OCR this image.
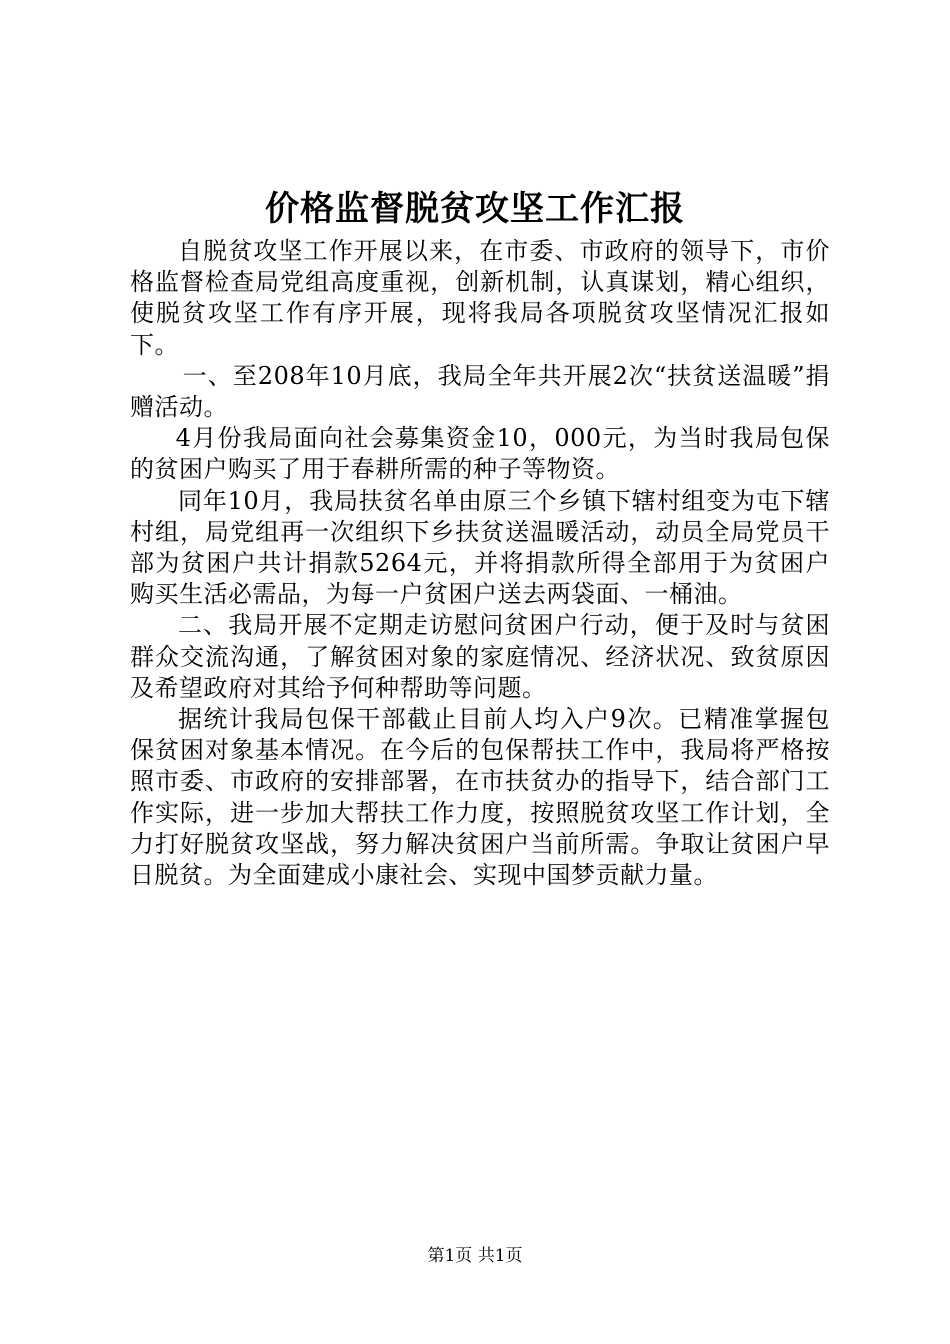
价格监督脱贫攻坚工作汇报

自脱贫攻坚工作开展以来，在市委、市政府的领导下，市价格监督检查局党组高度重视，创新机制，认真谋划，精心组织，使脱贫攻坚工作有序开展，现将我局各项脱贫攻坚情况汇报如下。

一、至208年10月底，我局全年共开展2次“扶贫送温暖”捐赠活动。

4月份我局面向社会募集资金10，000元，为当时我局包保的贫困户购买了用于春耕所需的种子等物资。

同年10月，我局扶贫名单由原三个乡镇下辖村组变为屯下辖村组，局党组再一次组织下乡扶贫送温暖活动，动员全局党员干部为贫困户共计捐款5264元，并将捐款所得全部用于为贫困户购买生活必需品，为每一户贫困户送去两袋面、一桶油。

二、我局开展不定期走访慰问贫困户行动，便于及时与贫困群众交流沟通，了解贫困对象的家庭情况、经济状况、致贫原因及希望政府对其给予何种帮助等问题。

据统计我局包保干部截止目前人均入户9次。已精准掌握包保贫困对象基本情况。在今后的包保帮扶工作中，我局将严格按照市委、市政府的安排部署，在市扶贫办的指导下，结合部门工作实际，进一步加大帮扶工作力度，按照脱贫攻坚工作计划，全力打好脱贫攻坚战，努力解决贫困户当前所需。争取让贫困户早日脱贫。为全面建成小康社会、实现中国梦贡献力量。

第1页 共1页
